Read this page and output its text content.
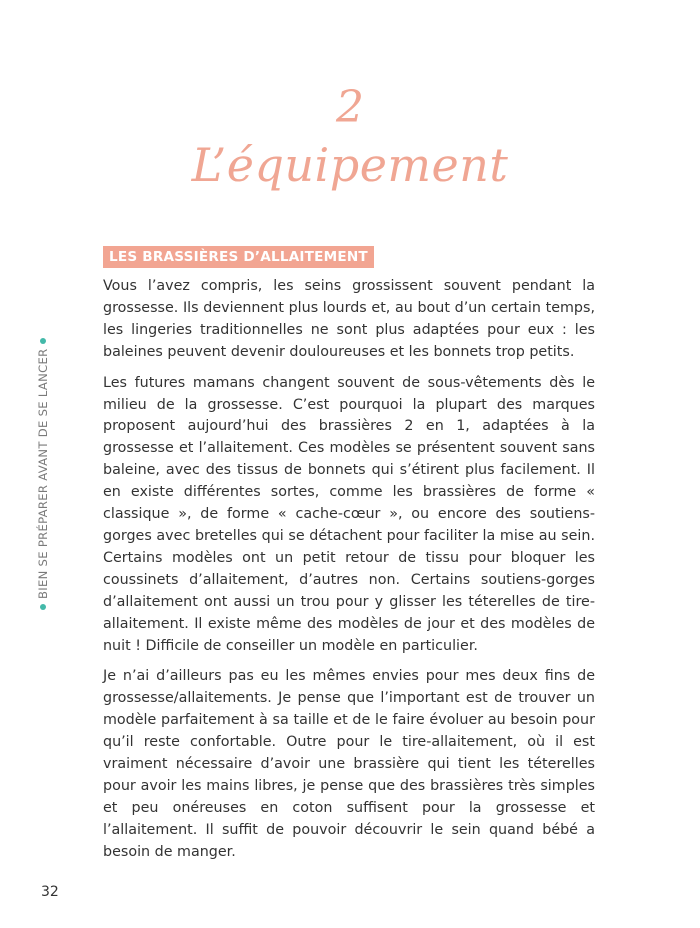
2
L’équipement
LES BRASSIÈRES D’ALLAITEMENT

Vous l’avez compris, les seins grossissent souvent pendant la grossesse. Ils deviennent plus lourds et, au bout d’un certain temps, les lingeries traditionnelles ne sont plus adaptées pour eux : les baleines peuvent devenir douloureuses et les bonnets trop petits.

Les futures mamans changent souvent de sous-vêtements dès le milieu de la grossesse. C’est pourquoi la plupart des marques proposent aujourd’hui des brassières 2 en 1, adaptées à la grossesse et l’allaitement. Ces modèles se présentent souvent sans baleine, avec des tissus de bonnets qui s’étirent plus facilement. Il en existe différentes sortes, comme les brassières de forme « classique », de forme « cache-cœur », ou encore des soutiens-gorges avec bretelles qui se détachent pour faciliter la mise au sein. Certains modèles ont un petit retour de tissu pour bloquer les coussinets d’allaitement, d’autres non. Certains soutiens-gorges d’allaitement ont aussi un trou pour y glisser les téterelles de tire-allaitement. Il existe même des modèles de jour et des modèles de nuit ! Difficile de conseiller un modèle en particulier.

Je n’ai d’ailleurs pas eu les mêmes envies pour mes deux fins de grossesse/allaitements. Je pense que l’important est de trouver un modèle parfaitement à sa taille et de le faire évoluer au besoin pour qu’il reste confortable. Outre pour le tire-allaitement, où il est vraiment nécessaire d’avoir une brassière qui tient les téterelles pour avoir les mains libres, je pense que des brassières très simples et peu onéreuses en coton suffisent pour la grossesse et l’allaitement. Il suffit de pouvoir découvrir le sein quand bébé a besoin de manger.

BIEN SE PRÉPARER AVANT DE SE LANCER
32
